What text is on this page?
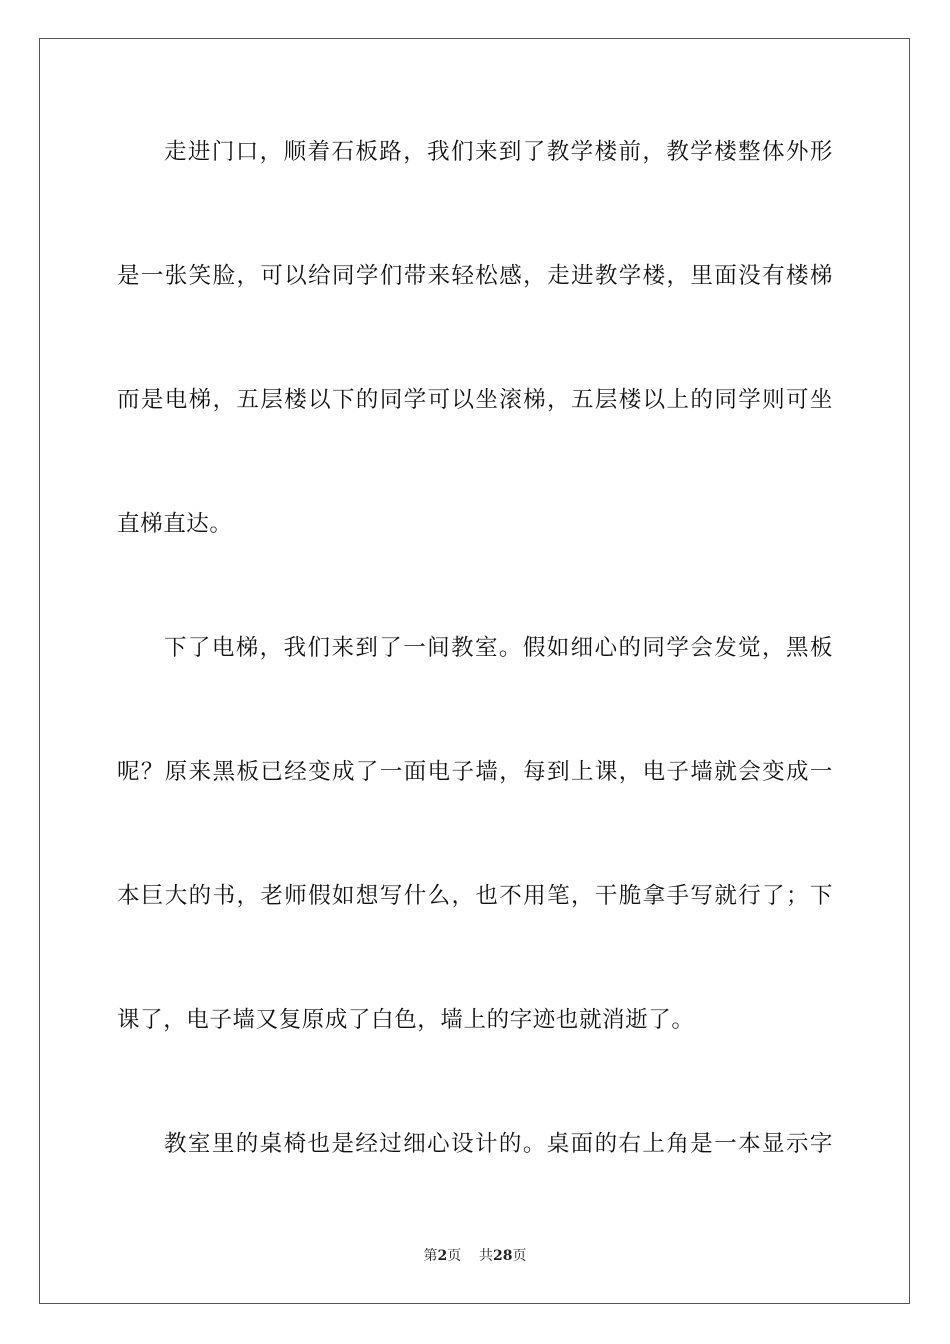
走进门口，顺着石板路，我们来到了教学楼前，教学楼整体外形
是一张笑脸，可以给同学们带来轻松感，走进教学楼，里面没有楼梯
而是电梯，五层楼以下的同学可以坐滚梯，五层楼以上的同学则可坐
直梯直达。
下了电梯，我们来到了一间教室。假如细心的同学会发觉，黑板
呢？原来黑板已经变成了一面电子墙，每到上课，电子墙就会变成一
本巨大的书，老师假如想写什么，也不用笔，干脆拿手写就行了；下
课了，电子墙又复原成了白色，墙上的字迹也就消逝了。
教室里的桌椅也是经过细心设计的。桌面的右上角是一本显示字
第2页 共28页
